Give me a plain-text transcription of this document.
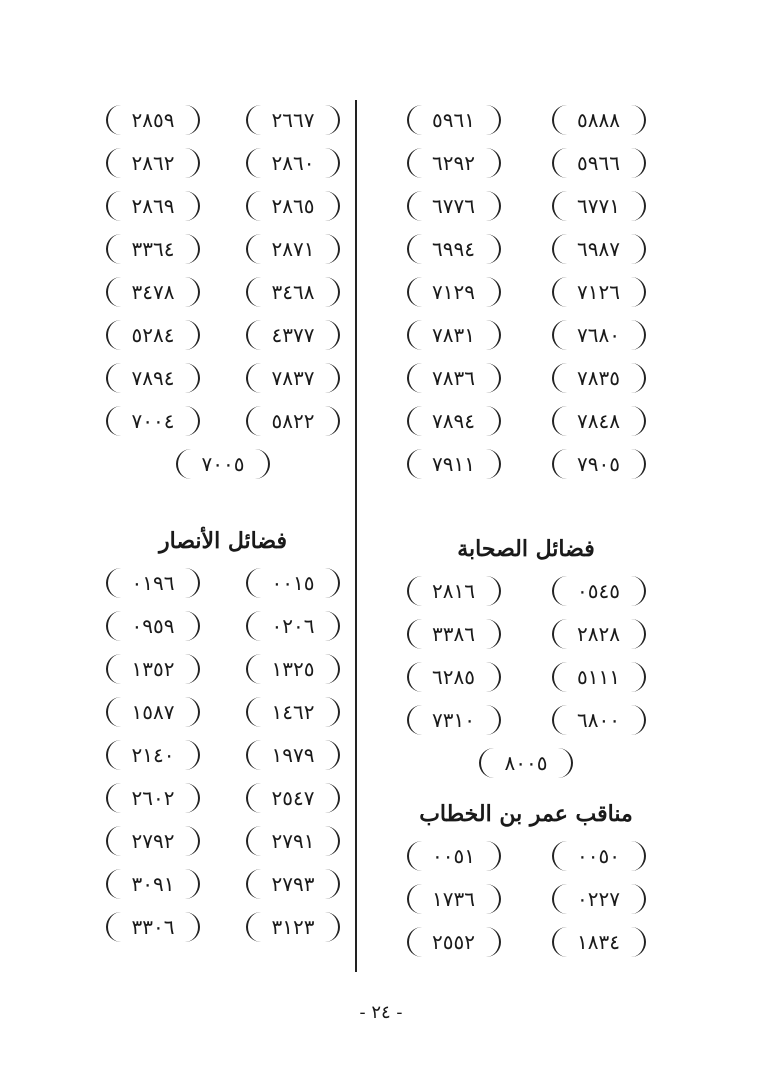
٥٨٨٨
٥٩٦١
٥٩٦٦
٦٢٩٢
٦٧٧١
٦٧٧٦
٦٩٨٧
٦٩٩٤
٧١٢٦
٧١٢٩
٧٦٨٠
٧٨٣١
٧٨٣٥
٧٨٣٦
٧٨٤٨
٧٨٩٤
٧٩٠٥
٧٩١١
فضائل الصحابة
٠٥٤٥
٢٨١٦
٢٨٢٨
٣٣٨٦
٥١١١
٦٢٨٥
٦٨٠٠
٧٣١٠
٨٠٠٥
مناقب عمر بن الخطاب
٠٠٥٠
٠٠٥١
٠٢٢٧
١٧٣٦
١٨٣٤
٢٥٥٢
٢٦٦٧
٢٨٥٩
٢٨٦٠
٢٨٦٢
٢٨٦٥
٢٨٦٩
٢٨٧١
٣٣٦٤
٣٤٦٨
٣٤٧٨
٤٣٧٧
٥٢٨٤
٧٨٣٧
٧٨٩٤
٥٨٢٢
٧٠٠٤
٧٠٠٥
فضائل الأنصار
٠٠١٥
٠١٩٦
٠٢٠٦
٠٩٥٩
١٣٢٥
١٣٥٢
١٤٦٢
١٥٨٧
١٩٧٩
٢١٤٠
٢٥٤٧
٢٦٠٢
٢٧٩١
٢٧٩٢
٢٧٩٣
٣٠٩١
٣١٢٣
٣٣٠٦
- ٢٤ -
